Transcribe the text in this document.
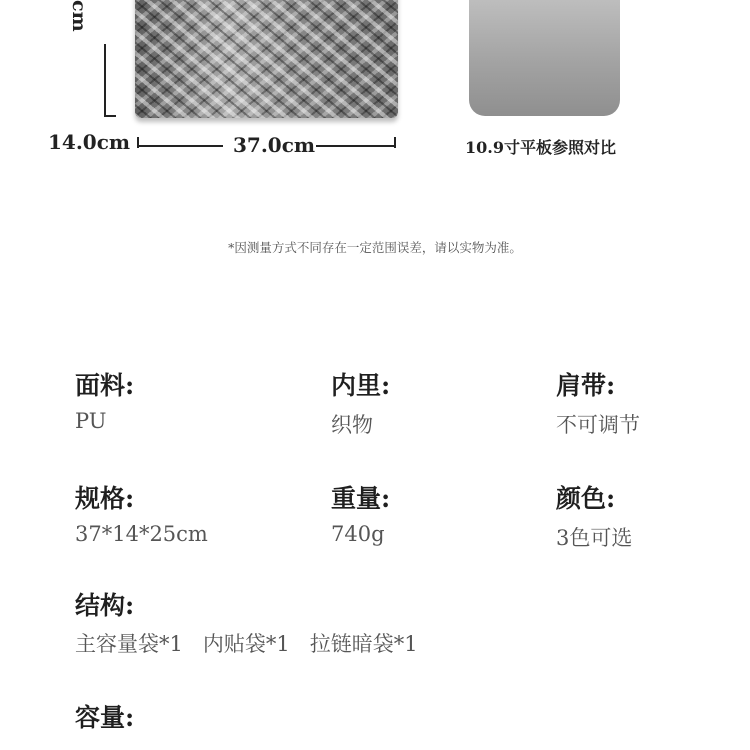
cm
14.0cm	37.0cm	10.9寸平板参照对比
*因测量方式不同存在一定范围误差，请以实物为准。
面料:
PU
内里:
织物
肩带:
不可调节
规格:
37*14*25cm
重量:
740g
颜色:
3色可选
结构:
主容量袋*1   内贴袋*1   拉链暗袋*1
容量:
